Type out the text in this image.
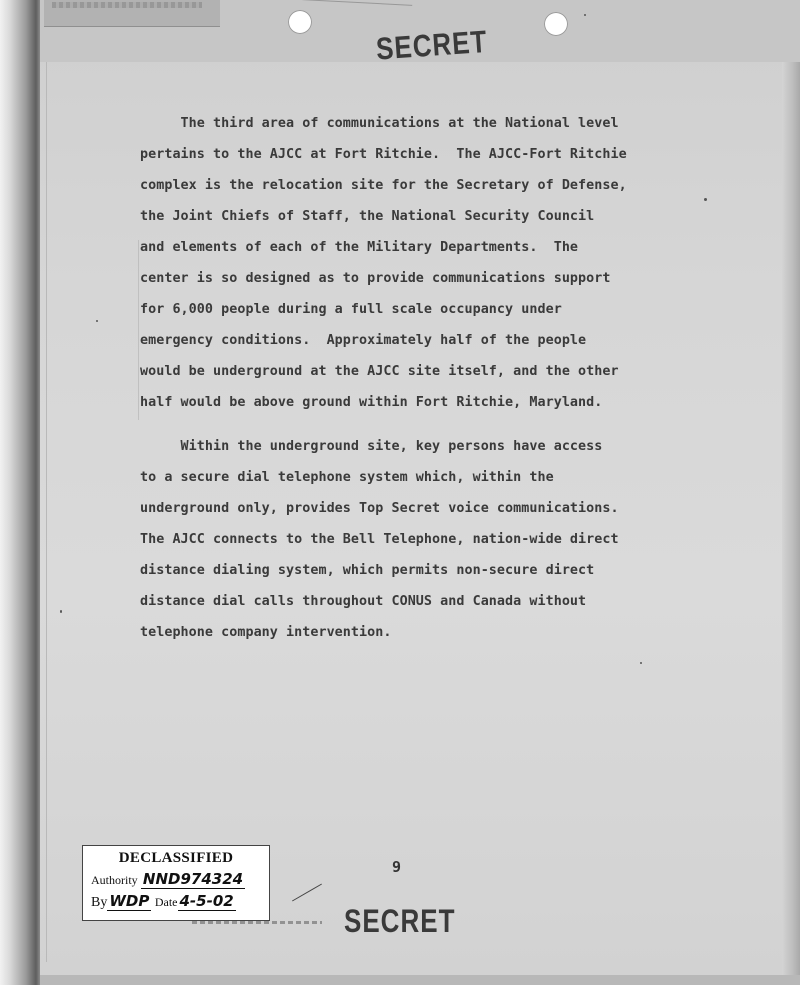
SECRET
The third area of communications at the National level
pertains to the AJCC at Fort Ritchie.  The AJCC-Fort Ritchie
complex is the relocation site for the Secretary of Defense,
the Joint Chiefs of Staff, the National Security Council
and elements of each of the Military Departments.  The
center is so designed as to provide communications support
for 6,000 people during a full scale occupancy under
emergency conditions.  Approximately half of the people
would be underground at the AJCC site itself, and the other
half would be above ground within Fort Ritchie, Maryland.
Within the underground site, key persons have access
to a secure dial telephone system which, within the
underground only, provides Top Secret voice communications.
The AJCC connects to the Bell Telephone, nation-wide direct
distance dialing system, which permits non-secure direct
distance dial calls throughout CONUS and Canada without
telephone company intervention.
9
DECLASSIFIED
Authority NND974324
By WDP Date 4-5-02
SECRET
